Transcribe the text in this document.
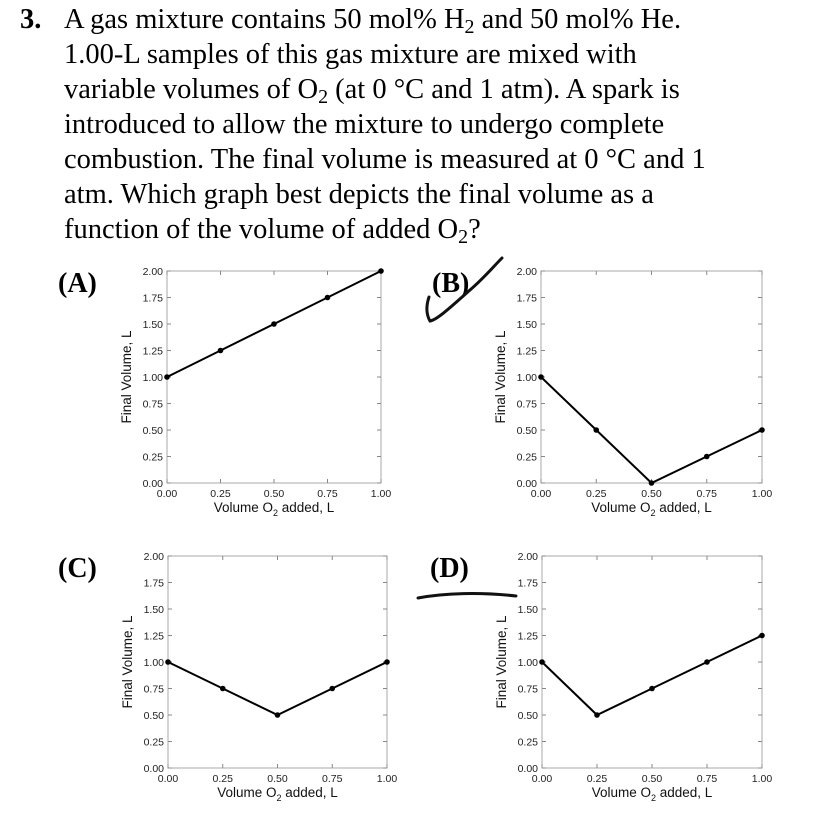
3. A gas mixture contains 50 mol% $H_2$ and 50 mol% He.
1.00-L samples of this gas mixture are mixed with
variable volumes of $O_2$ (at 0 °C and 1 atm). A spark is
introduced to allow the mixture to undergo complete
combustion. The final volume is measured at 0 °C and 1
atm. Which graph best depicts the final volume as a
function of the volume of added $O_2$?
(A)	(B)
(C)	(D)
0.00
0.25
0.50
0.75
1.00
1.25
1.50
1.75
2.00
0.00	0.25	0.50	0.75	1.00
Volume $O_2$ added, L
Final Volume, L
0.00
0.25
0.50
0.75
1.00
1.25
1.50
1.75
2.00
0.00	0.25	0.50	0.75	1.00
Volume $O_2$ added, L
Final Volume, L
0.00
0.25
0.50
0.75
1.00
1.25
1.50
1.75
2.00
0.00	0.25	0.50	0.75	1.00
Volume $O_2$ added, L
Final Volume, L
0.00
0.25
0.50
0.75
1.00
1.25
1.50
1.75
2.00
0.00	0.25	0.50	0.75	1.00
Volume $O_2$ added, L
Final Volume, L
